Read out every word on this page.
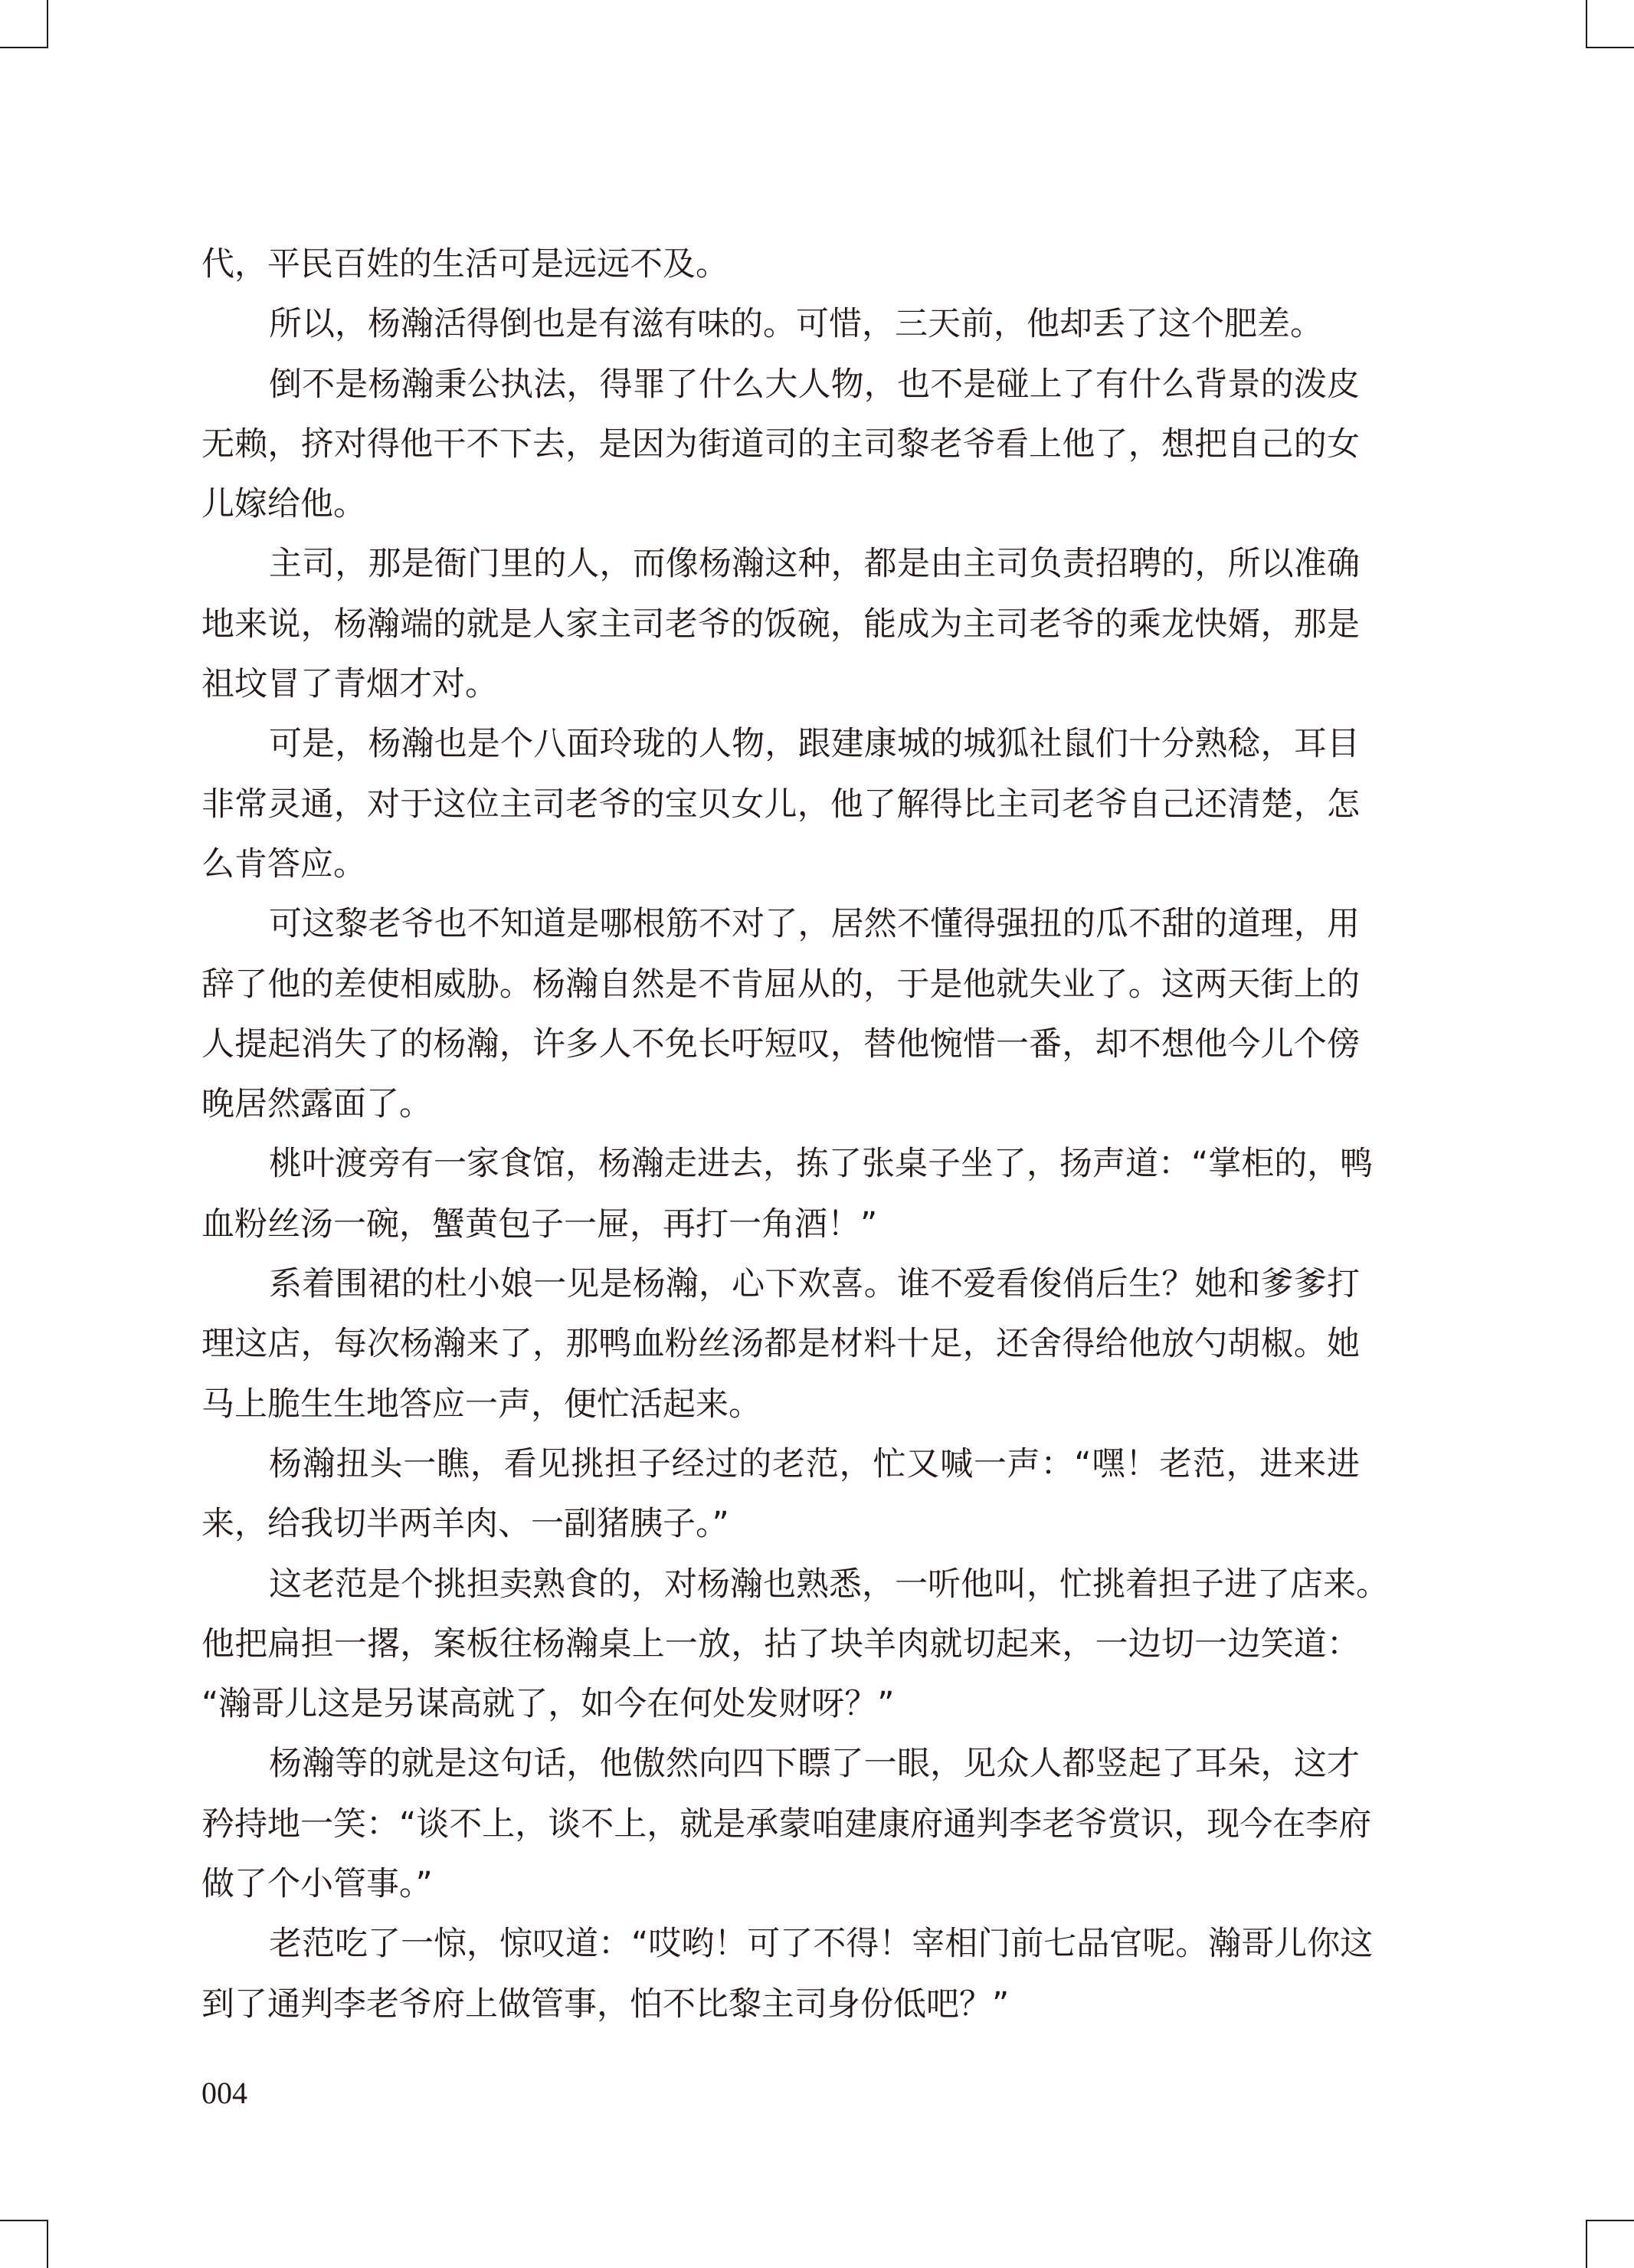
代，平民百姓的生活可是远远不及。
所以，杨瀚活得倒也是有滋有味的。可惜，三天前，他却丢了这个肥差。
倒不是杨瀚秉公执法，得罪了什么大人物，也不是碰上了有什么背景的泼皮
无赖，挤对得他干不下去，是因为街道司的主司黎老爷看上他了，想把自己的女
儿嫁给他。
主司，那是衙门里的人，而像杨瀚这种，都是由主司负责招聘的，所以准确
地来说，杨瀚端的就是人家主司老爷的饭碗，能成为主司老爷的乘龙快婿，那是
祖坟冒了青烟才对。
可是，杨瀚也是个八面玲珑的人物，跟建康城的城狐社鼠们十分熟稔，耳目
非常灵通，对于这位主司老爷的宝贝女儿，他了解得比主司老爷自己还清楚，怎
么肯答应。
可这黎老爷也不知道是哪根筋不对了，居然不懂得强扭的瓜不甜的道理，用
辞了他的差使相威胁。杨瀚自然是不肯屈从的，于是他就失业了。这两天街上的
人提起消失了的杨瀚，许多人不免长吁短叹，替他惋惜一番，却不想他今儿个傍
晚居然露面了。
桃叶渡旁有一家食馆，杨瀚走进去，拣了张桌子坐了，扬声道：“掌柜的，鸭
血粉丝汤一碗，蟹黄包子一屉，再打一角酒！”
系着围裙的杜小娘一见是杨瀚，心下欢喜。谁不爱看俊俏后生？她和爹爹打
理这店，每次杨瀚来了，那鸭血粉丝汤都是材料十足，还舍得给他放勺胡椒。她
马上脆生生地答应一声，便忙活起来。
杨瀚扭头一瞧，看见挑担子经过的老范，忙又喊一声：“嘿！老范，进来进
来，给我切半两羊肉、一副猪胰子。”
这老范是个挑担卖熟食的，对杨瀚也熟悉，一听他叫，忙挑着担子进了店来。
他把扁担一撂，案板往杨瀚桌上一放，拈了块羊肉就切起来，一边切一边笑道：
“瀚哥儿这是另谋高就了，如今在何处发财呀？”
杨瀚等的就是这句话，他傲然向四下瞟了一眼，见众人都竖起了耳朵，这才
矜持地一笑：“谈不上，谈不上，就是承蒙咱建康府通判李老爷赏识，现今在李府
做了个小管事。”
老范吃了一惊，惊叹道：“哎哟！可了不得！宰相门前七品官呢。瀚哥儿你这
到了通判李老爷府上做管事，怕不比黎主司身份低吧？”
004
